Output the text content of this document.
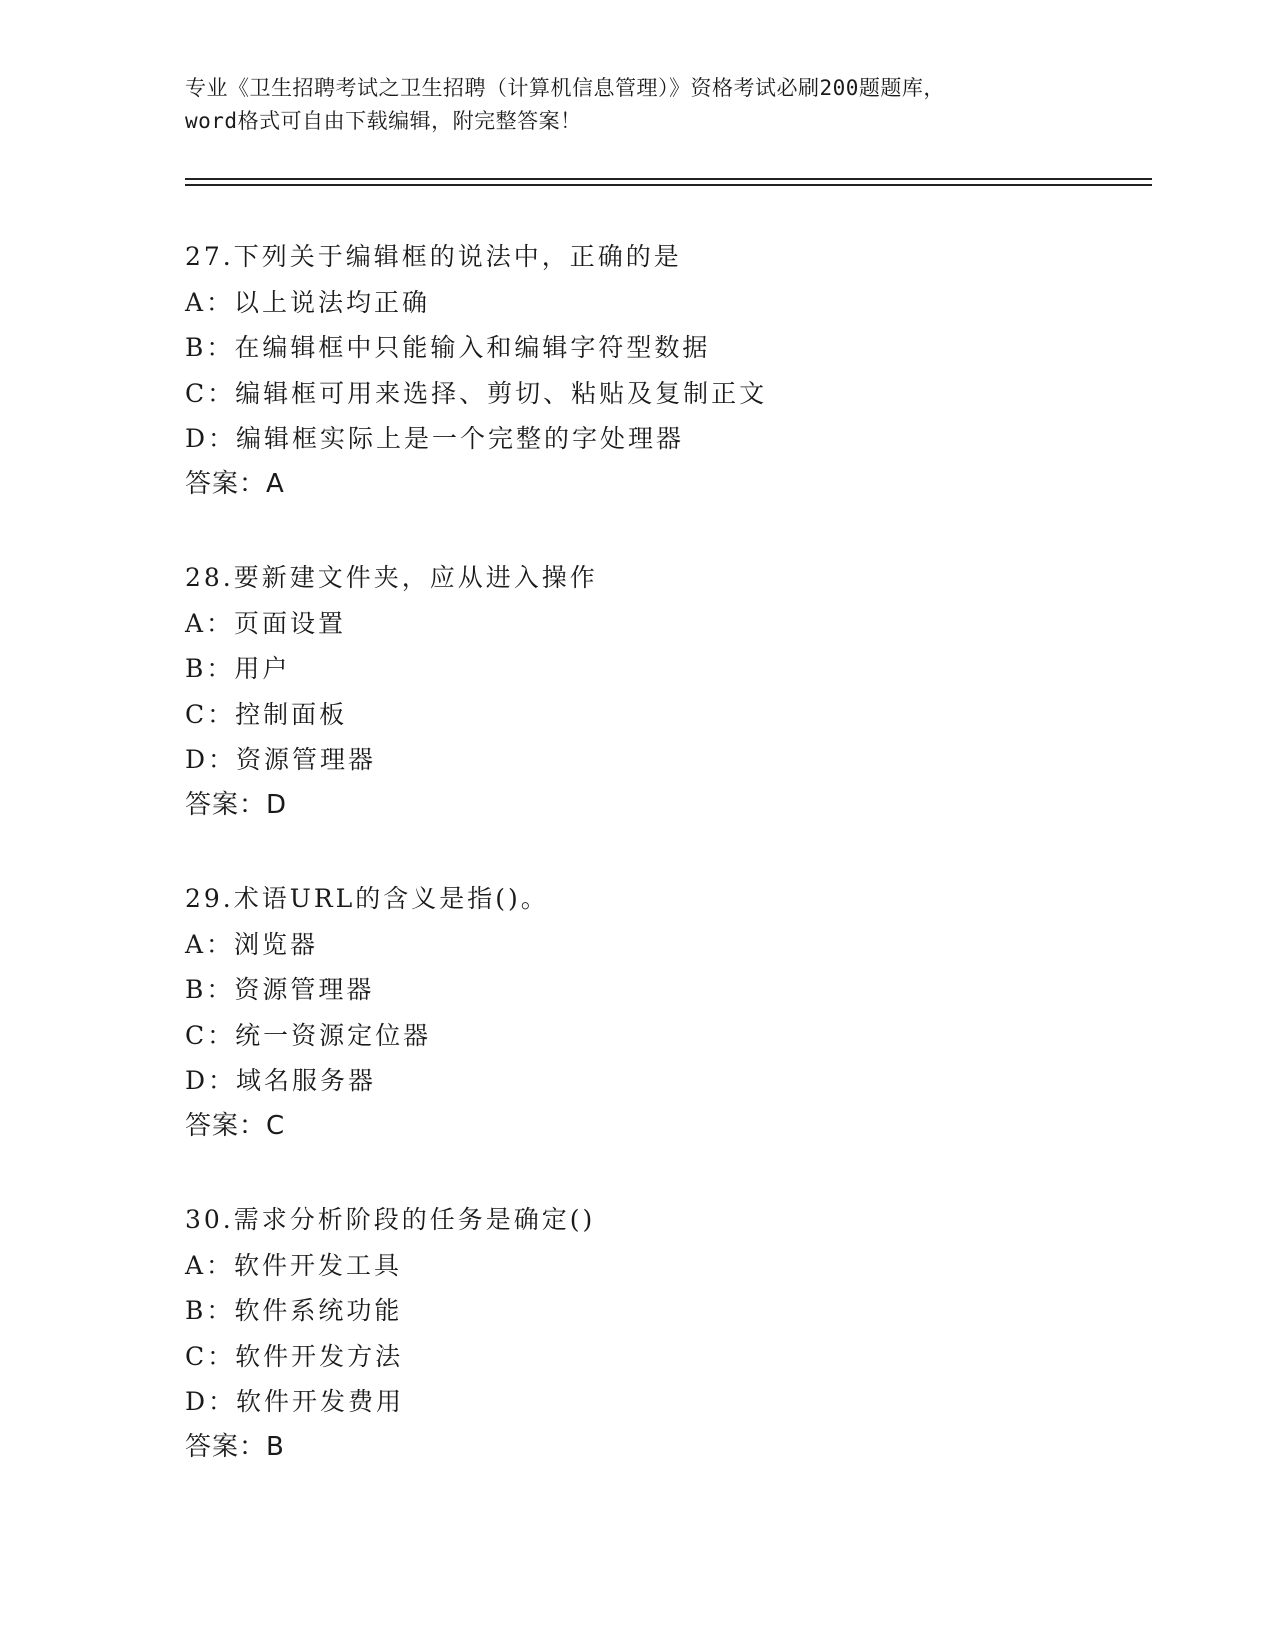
专业《卫生招聘考试之卫生招聘（计算机信息管理）》资格考试必刷200题题库，
word格式可自由下载编辑，附完整答案！
27.下列关于编辑框的说法中，正确的是
A：以上说法均正确
B：在编辑框中只能输入和编辑字符型数据
C：编辑框可用来选择、剪切、粘贴及复制正文
D：编辑框实际上是一个完整的字处理器
答案：A
28.要新建文件夹，应从进入操作
A：页面设置
B：用户
C：控制面板
D：资源管理器
答案：D
29.术语URL的含义是指()。
A：浏览器
B：资源管理器
C：统一资源定位器
D：域名服务器
答案：C
30.需求分析阶段的任务是确定()
A：软件开发工具
B：软件系统功能
C：软件开发方法
D：软件开发费用
答案：B
